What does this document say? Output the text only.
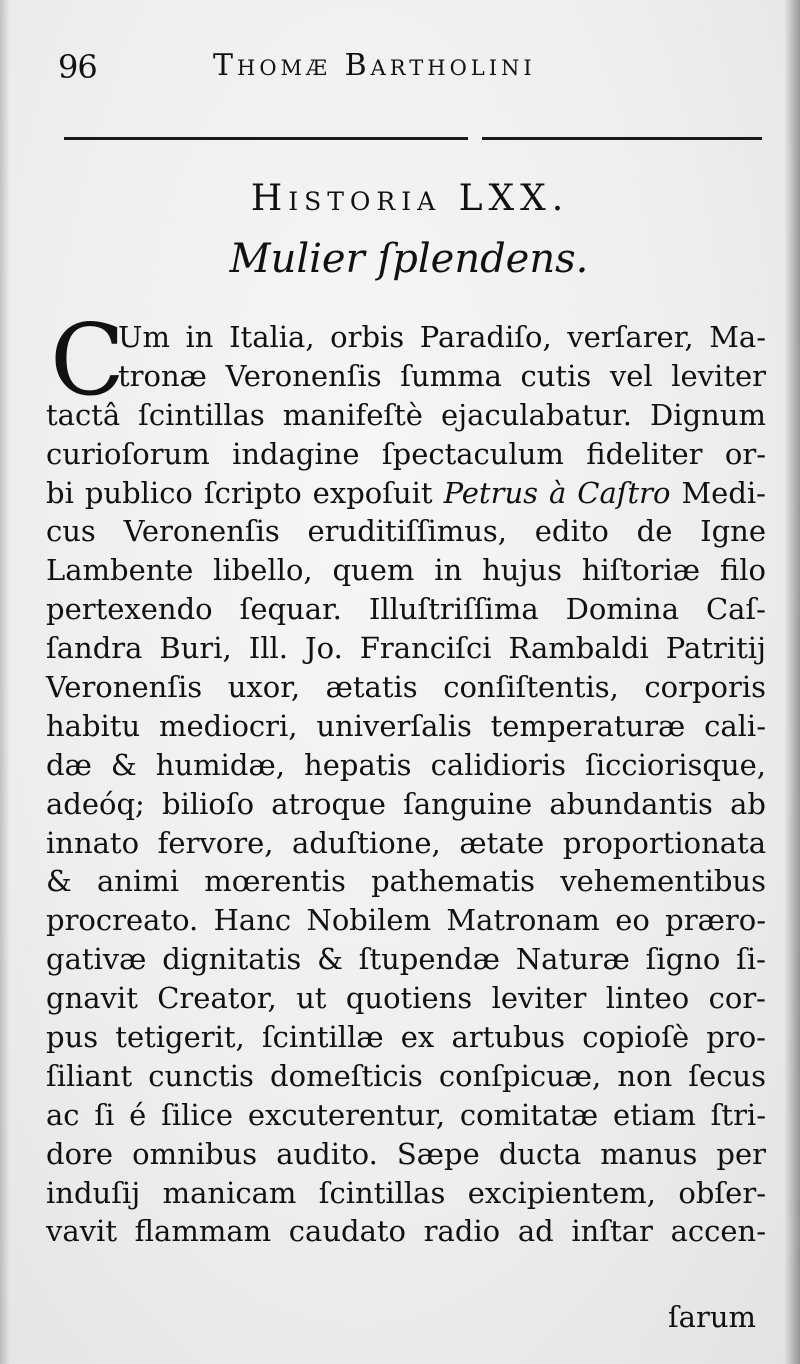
96	Thomæ Bartholini
Historia LXX.
Mulier ſplendens.
C
Um in Italia, orbis Paradiſo, verſarer, Ma-
tronæ Veronenſis ſumma cutis vel leviter
tactâ ſcintillas manifeſtè ejaculabatur. Dignum
curioſorum indagine ſpectaculum fideliter or-
bi publico ſcripto expoſuit Petrus à Caſtro Medi-
cus Veronenſis eruditiſſimus, edito de Igne
Lambente libello, quem in hujus hiſtoriæ filo
pertexendo ſequar. Illuſtriſſima Domina Caſ-
ſandra Buri, Ill. Jo. Franciſci Rambaldi Patritij
Veronenſis uxor, ætatis conſiſtentis, corporis
habitu mediocri, univerſalis temperaturæ cali-
dæ & humidæ, hepatis calidioris ſicciorisque,
adeóq; bilioſo atroque ſanguine abundantis ab
innato fervore, aduſtione, ætate proportionata
& animi mœrentis pathematis vehementibus
procreato. Hanc Nobilem Matronam eo prærο-
gativæ dignitatis & ſtupendæ Naturæ ſigno ſi-
gnavit Creator, ut quotiens leviter linteo cor-
pus tetigerit, ſcintillæ ex artubus copioſè pro-
ſiliant cunctis domeſticis conſpicuæ, non ſecus
ac ſi é ſilice excuterentur, comitatæ etiam ſtri-
dore omnibus audito. Sæpe ducta manus per
induſij manicam ſcintillas excipientem, obſer-
vavit flammam caudato radio ad inſtar accen-
ſarum
